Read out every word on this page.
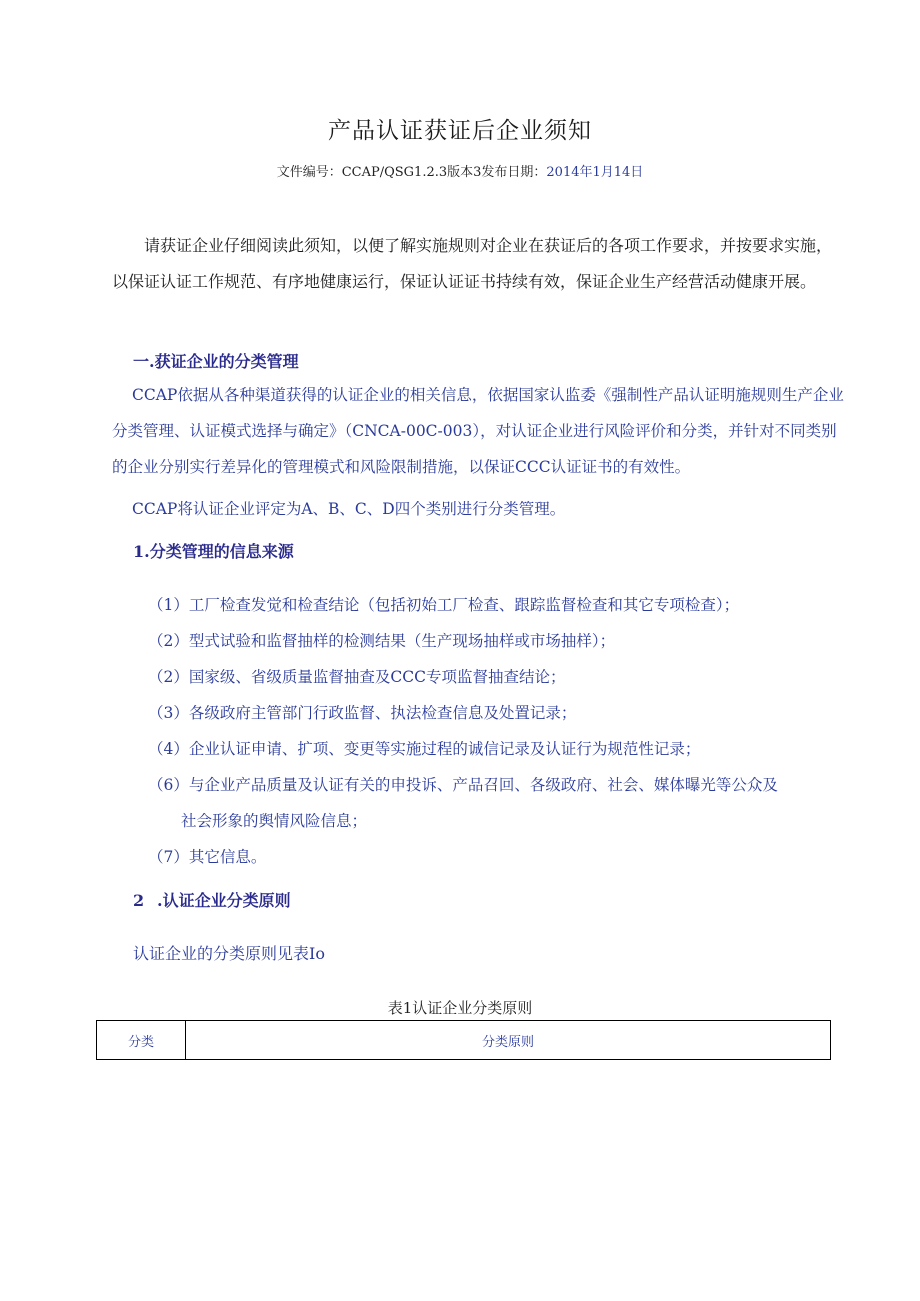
产品认证获证后企业须知
文件编号：CCAP/QSG1.2.3版本3发布日期：2014年1月14日
请获证企业仔细阅读此须知，以便了解实施规则对企业在获证后的各项工作要求，并按要求实施，以保证认证工作规范、有序地健康运行，保证认证证书持续有效，保证企业生产经营活动健康开展。
一.获证企业的分类管理
CCAP依据从各种渠道获得的认证企业的相关信息，依据国家认监委《强制性产品认证明施规则生产企业分类管理、认证模式选择与确定》（CNCA-00C-003），对认证企业进行风险评价和分类，并针对不同类别的企业分别实行差异化的管理模式和风险限制措施，以保证CCC认证证书的有效性。
CCAP将认证企业评定为A、B、C、D四个类别进行分类管理。
1.分类管理的信息来源
（1）工厂检查发觉和检查结论（包括初始工厂检查、跟踪监督检查和其它专项检查）；
（2）型式试验和监督抽样的检测结果（生产现场抽样或市场抽样）；
（2）国家级、省级质量监督抽查及CCC专项监督抽查结论；
（3）各级政府主管部门行政监督、执法检查信息及处置记录；
（4）企业认证申请、扩项、变更等实施过程的诚信记录及认证行为规范性记录；
（6）与企业产品质量及认证有关的申投诉、产品召回、各级政府、社会、媒体曝光等公众及
社会形象的舆情风险信息；
（7）其它信息。
2 .认证企业分类原则
认证企业的分类原则见表Io
表1认证企业分类原则
分类	分类原则
